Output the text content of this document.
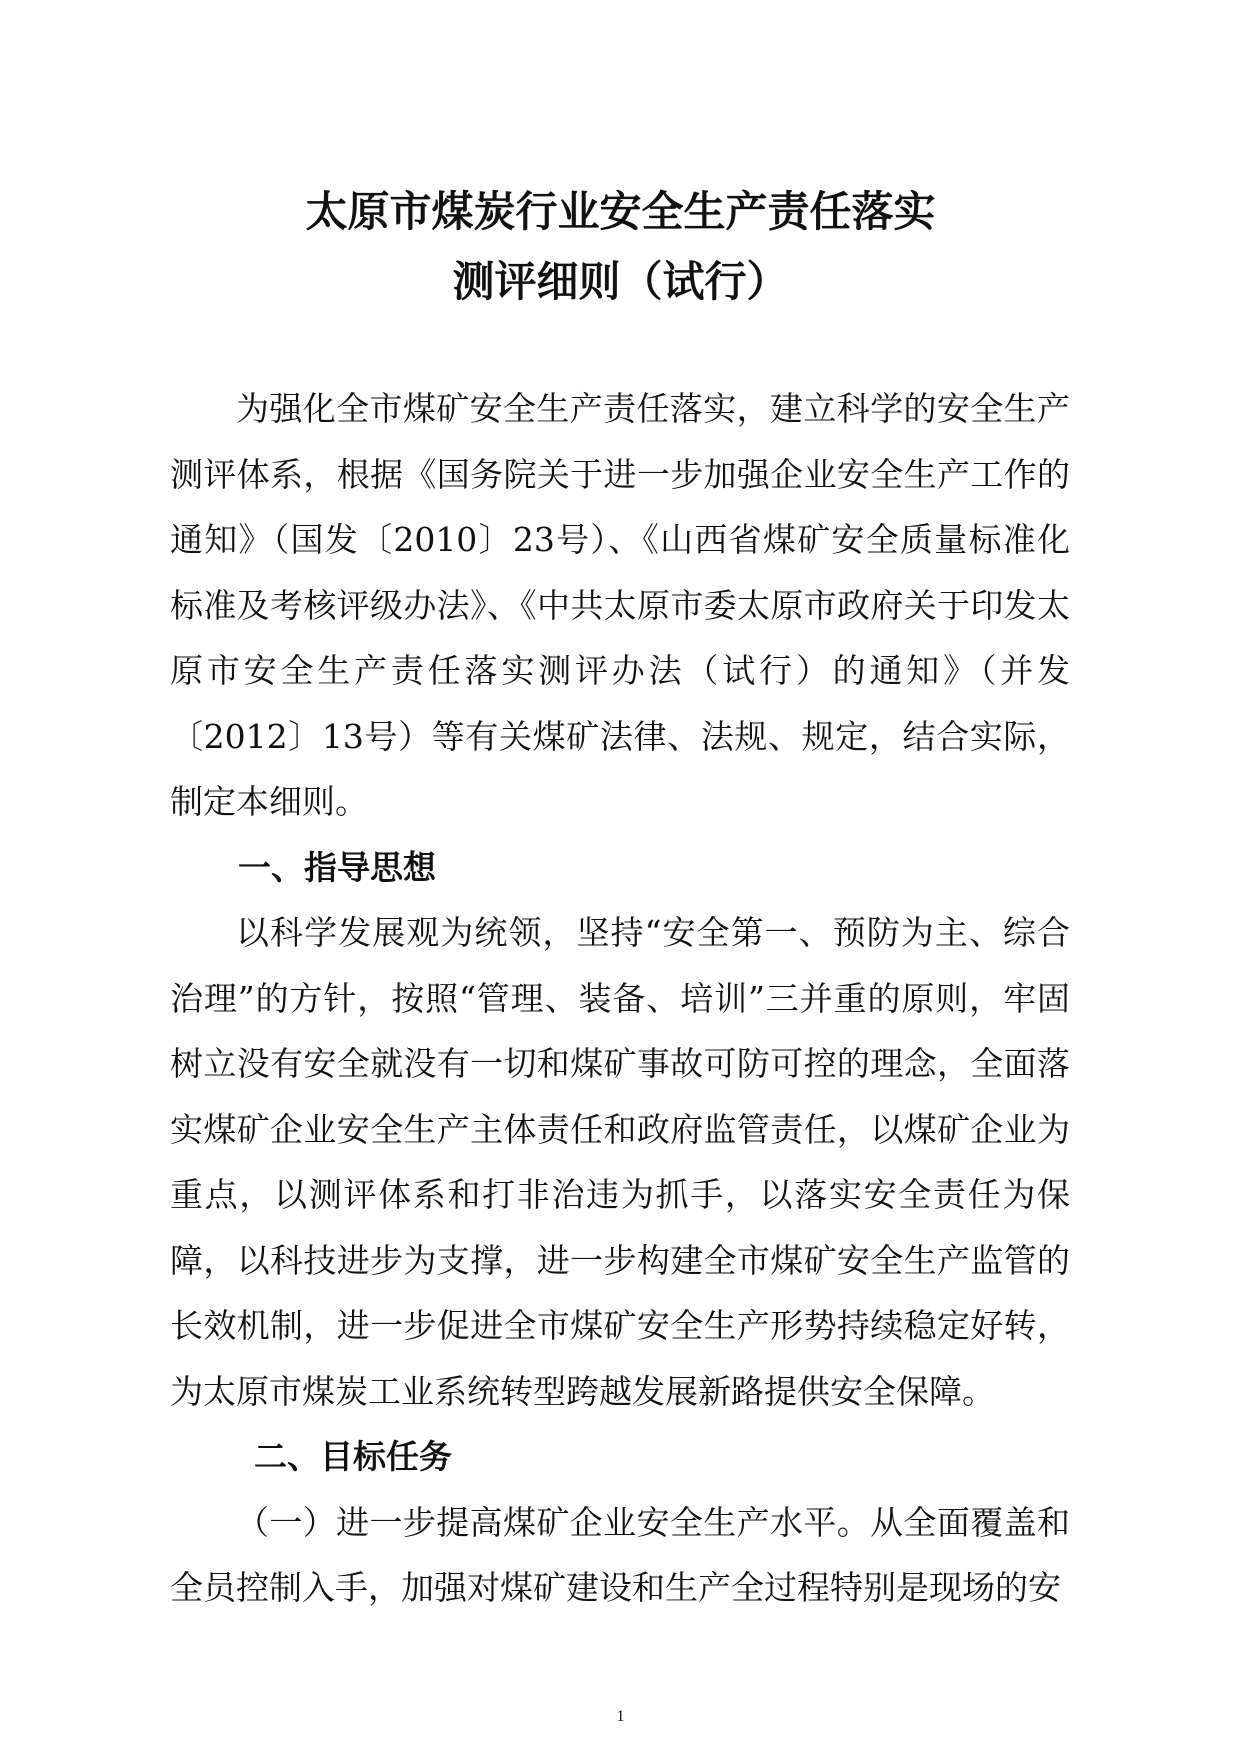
太原市煤炭行业安全生产责任落实
测评细则（试行）

为强化全市煤矿安全生产责任落实，建立科学的安全生产测评体系，根据《国务院关于进一步加强企业安全生产工作的通知》（国发〔2010〕23号）、《山西省煤矿安全质量标准化标准及考核评级办法》、《中共太原市委太原市政府关于印发太原市安全生产责任落实测评办法（试行）的通知》（并发〔2012〕13号）等有关煤矿法律、法规、规定，结合实际，制定本细则。

一、指导思想

以科学发展观为统领，坚持“安全第一、预防为主、综合治理”的方针，按照“管理、装备、培训”三并重的原则，牢固树立没有安全就没有一切和煤矿事故可防可控的理念，全面落实煤矿企业安全生产主体责任和政府监管责任，以煤矿企业为重点，以测评体系和打非治违为抓手，以落实安全责任为保障，以科技进步为支撑，进一步构建全市煤矿安全生产监管的长效机制，进一步促进全市煤矿安全生产形势持续稳定好转，为太原市煤炭工业系统转型跨越发展新路提供安全保障。

二、目标任务

（一）进一步提高煤矿企业安全生产水平。从全面覆盖和全员控制入手，加强对煤矿建设和生产全过程特别是现场的安

1
